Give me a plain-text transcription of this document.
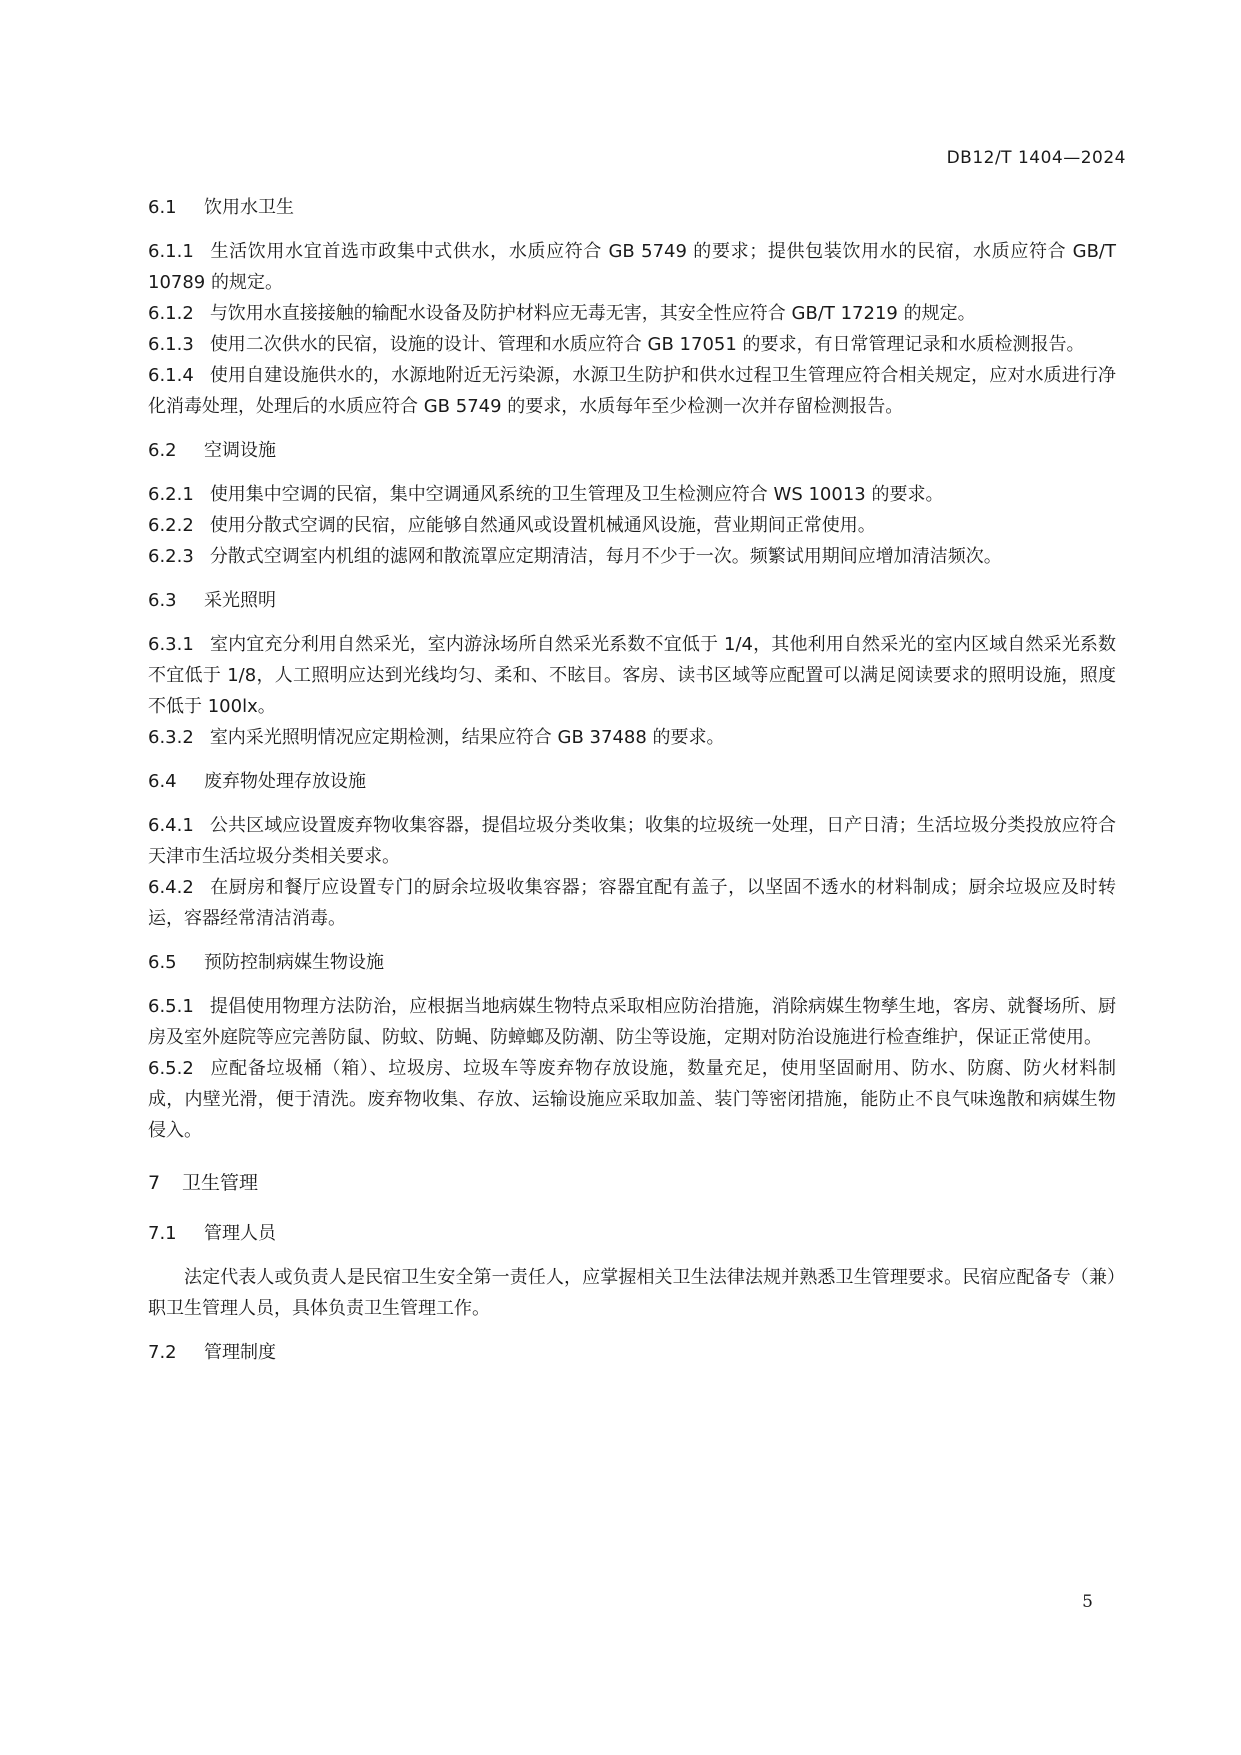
DB12/T 1404—2024

6.1 饮用水卫生

6.1.1 生活饮用水宜首选市政集中式供水，水质应符合 GB 5749 的要求；提供包装饮用水的民宿，水质应符合 GB/T 10789 的规定。

6.1.2 与饮用水直接接触的输配水设备及防护材料应无毒无害，其安全性应符合 GB/T 17219 的规定。

6.1.3 使用二次供水的民宿，设施的设计、管理和水质应符合 GB 17051 的要求，有日常管理记录和水质检测报告。

6.1.4 使用自建设施供水的，水源地附近无污染源，水源卫生防护和供水过程卫生管理应符合相关规定，应对水质进行净化消毒处理，处理后的水质应符合 GB 5749 的要求，水质每年至少检测一次并存留检测报告。

6.2 空调设施

6.2.1 使用集中空调的民宿，集中空调通风系统的卫生管理及卫生检测应符合 WS 10013 的要求。

6.2.2 使用分散式空调的民宿，应能够自然通风或设置机械通风设施，营业期间正常使用。

6.2.3 分散式空调室内机组的滤网和散流罩应定期清洁，每月不少于一次。频繁试用期间应增加清洁频次。

6.3 采光照明

6.3.1 室内宜充分利用自然采光，室内游泳场所自然采光系数不宜低于 1/4，其他利用自然采光的室内区域自然采光系数不宜低于 1/8，人工照明应达到光线均匀、柔和、不眩目。客房、读书区域等应配置可以满足阅读要求的照明设施，照度不低于 100lx。

6.3.2 室内采光照明情况应定期检测，结果应符合 GB 37488 的要求。

6.4 废弃物处理存放设施

6.4.1 公共区域应设置废弃物收集容器，提倡垃圾分类收集；收集的垃圾统一处理，日产日清；生活垃圾分类投放应符合天津市生活垃圾分类相关要求。

6.4.2 在厨房和餐厅应设置专门的厨余垃圾收集容器；容器宜配有盖子，以坚固不透水的材料制成；厨余垃圾应及时转运，容器经常清洁消毒。

6.5 预防控制病媒生物设施

6.5.1 提倡使用物理方法防治，应根据当地病媒生物特点采取相应防治措施，消除病媒生物孳生地，客房、就餐场所、厨房及室外庭院等应完善防鼠、防蚊、防蝇、防蟑螂及防潮、防尘等设施，定期对防治设施进行检查维护，保证正常使用。

6.5.2 应配备垃圾桶（箱）、垃圾房、垃圾车等废弃物存放设施，数量充足，使用坚固耐用、防水、防腐、防火材料制成，内壁光滑，便于清洗。废弃物收集、存放、运输设施应采取加盖、装门等密闭措施，能防止不良气味逸散和病媒生物侵入。

7 卫生管理

7.1 管理人员

法定代表人或负责人是民宿卫生安全第一责任人，应掌握相关卫生法律法规并熟悉卫生管理要求。民宿应配备专（兼）职卫生管理人员，具体负责卫生管理工作。

7.2 管理制度

5
